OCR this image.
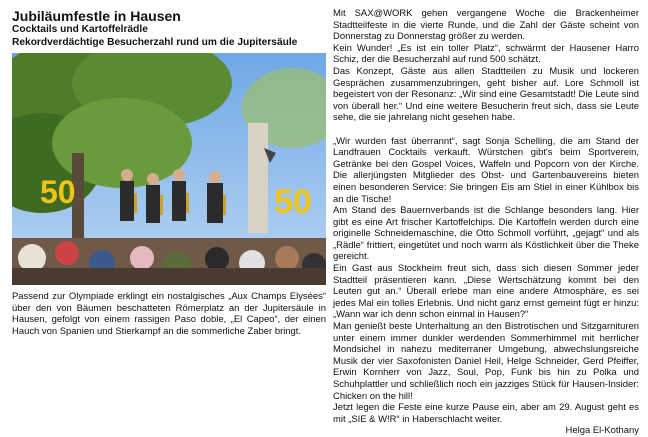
Jubiläumfestle in Hausen
Cocktails und Kartoffelrädle
Rekordverdächtige Besucherzahl rund um die Jupitersäule
50	50

Passend zur Olympiade erklingt ein nostalgisches „Aux Champs Elysées“ über den von Bäumen beschatteten Römerplatz an der Jupitersäule in Hausen, gefolgt von einem rassigen Paso doble, „El Capeo“, der einen Hauch von Spanien und Stierkampf an die sommerliche Zaber bringt.

Mit SAX@WORK gehen vergangene Woche die Brackenheimer Stadtteilfeste in die vierte Runde, und die Zahl der Gäste scheint von Donnerstag zu Donnerstag größer zu werden.

Kein Wunder! „Es ist ein toller Platz“, schwärmt der Hausener Harro Schiz, der die Besucherzahl auf rund 500 schätzt.

Das Konzept, Gäste aus allen Stadtteilen zu Musik und lockeren Gesprächen zusammenzubringen, geht bisher auf. Lore Schmoll ist begeistert von der Resonanz: „Wir sind eine Gesamtstadt! Die Leute sind von überall her.“ Und eine weitere Besucherin freut sich, dass sie Leute sehe, die sie jahrelang nicht gesehen habe.

„Wir wurden fast überrannt“, sagt Sonja Schelling, die am Stand der Landfrauen Cocktails verkauft. Würstchen gibt's beim Sportverein, Getränke bei den Gospel Voices, Waffeln und Popcorn von der Kirche. Die allerjüngsten Mitglieder des Obst- und Gartenbauvereins bieten einen besonderen Service: Sie bringen Eis am Stiel in einer Kühlbox bis an die Tische!

Am Stand des Bauernverbands ist die Schlange besonders lang. Hier gibt es eine Art frischer Kartoffelchips. Die Kartoffeln werden durch eine originelle Schneidemaschine, die Otto Schmoll vorführt, „gejagt“ und als „Rädle“ frittiert, eingetütet und noch warm als Köstlichkeit über die Theke gereicht.

Ein Gast aus Stockheim freut sich, dass sich diesen Sommer jeder Stadtteil präsentieren kann. „Diese Wertschätzung kommt bei den Leuten gut an.“ Überall erlebe man eine andere Atmosphäre, es sei jedes Mal ein tolles Erlebnis. Und nicht ganz ernst gemeint fügt er hinzu: „Wann war ich denn schon einmal in Hausen?“

Man genießt beste Unterhaltung an den Bistrotischen und Sitzgarnituren unter einem immer dunkler werdenden Sommerhimmel mit herrlicher Mondsichel in nahezu mediterraner Umgebung, abwechslungsreiche Musik der vier Saxofonisten Daniel Heil, Helge Schneider, Gerd Pfeiffer, Erwin Kornherr von Jazz, Soul, Pop, Funk bis hin zu Polka und Schuhplattler und schließlich noch ein jazziges Stück für Hausen-Insider: Chicken on the hill!

Jetzt legen die Feste eine kurze Pause ein, aber am 29. August geht es mit „SIE & W!R“ in Haberschlacht weiter.

Helga El-Kothany
